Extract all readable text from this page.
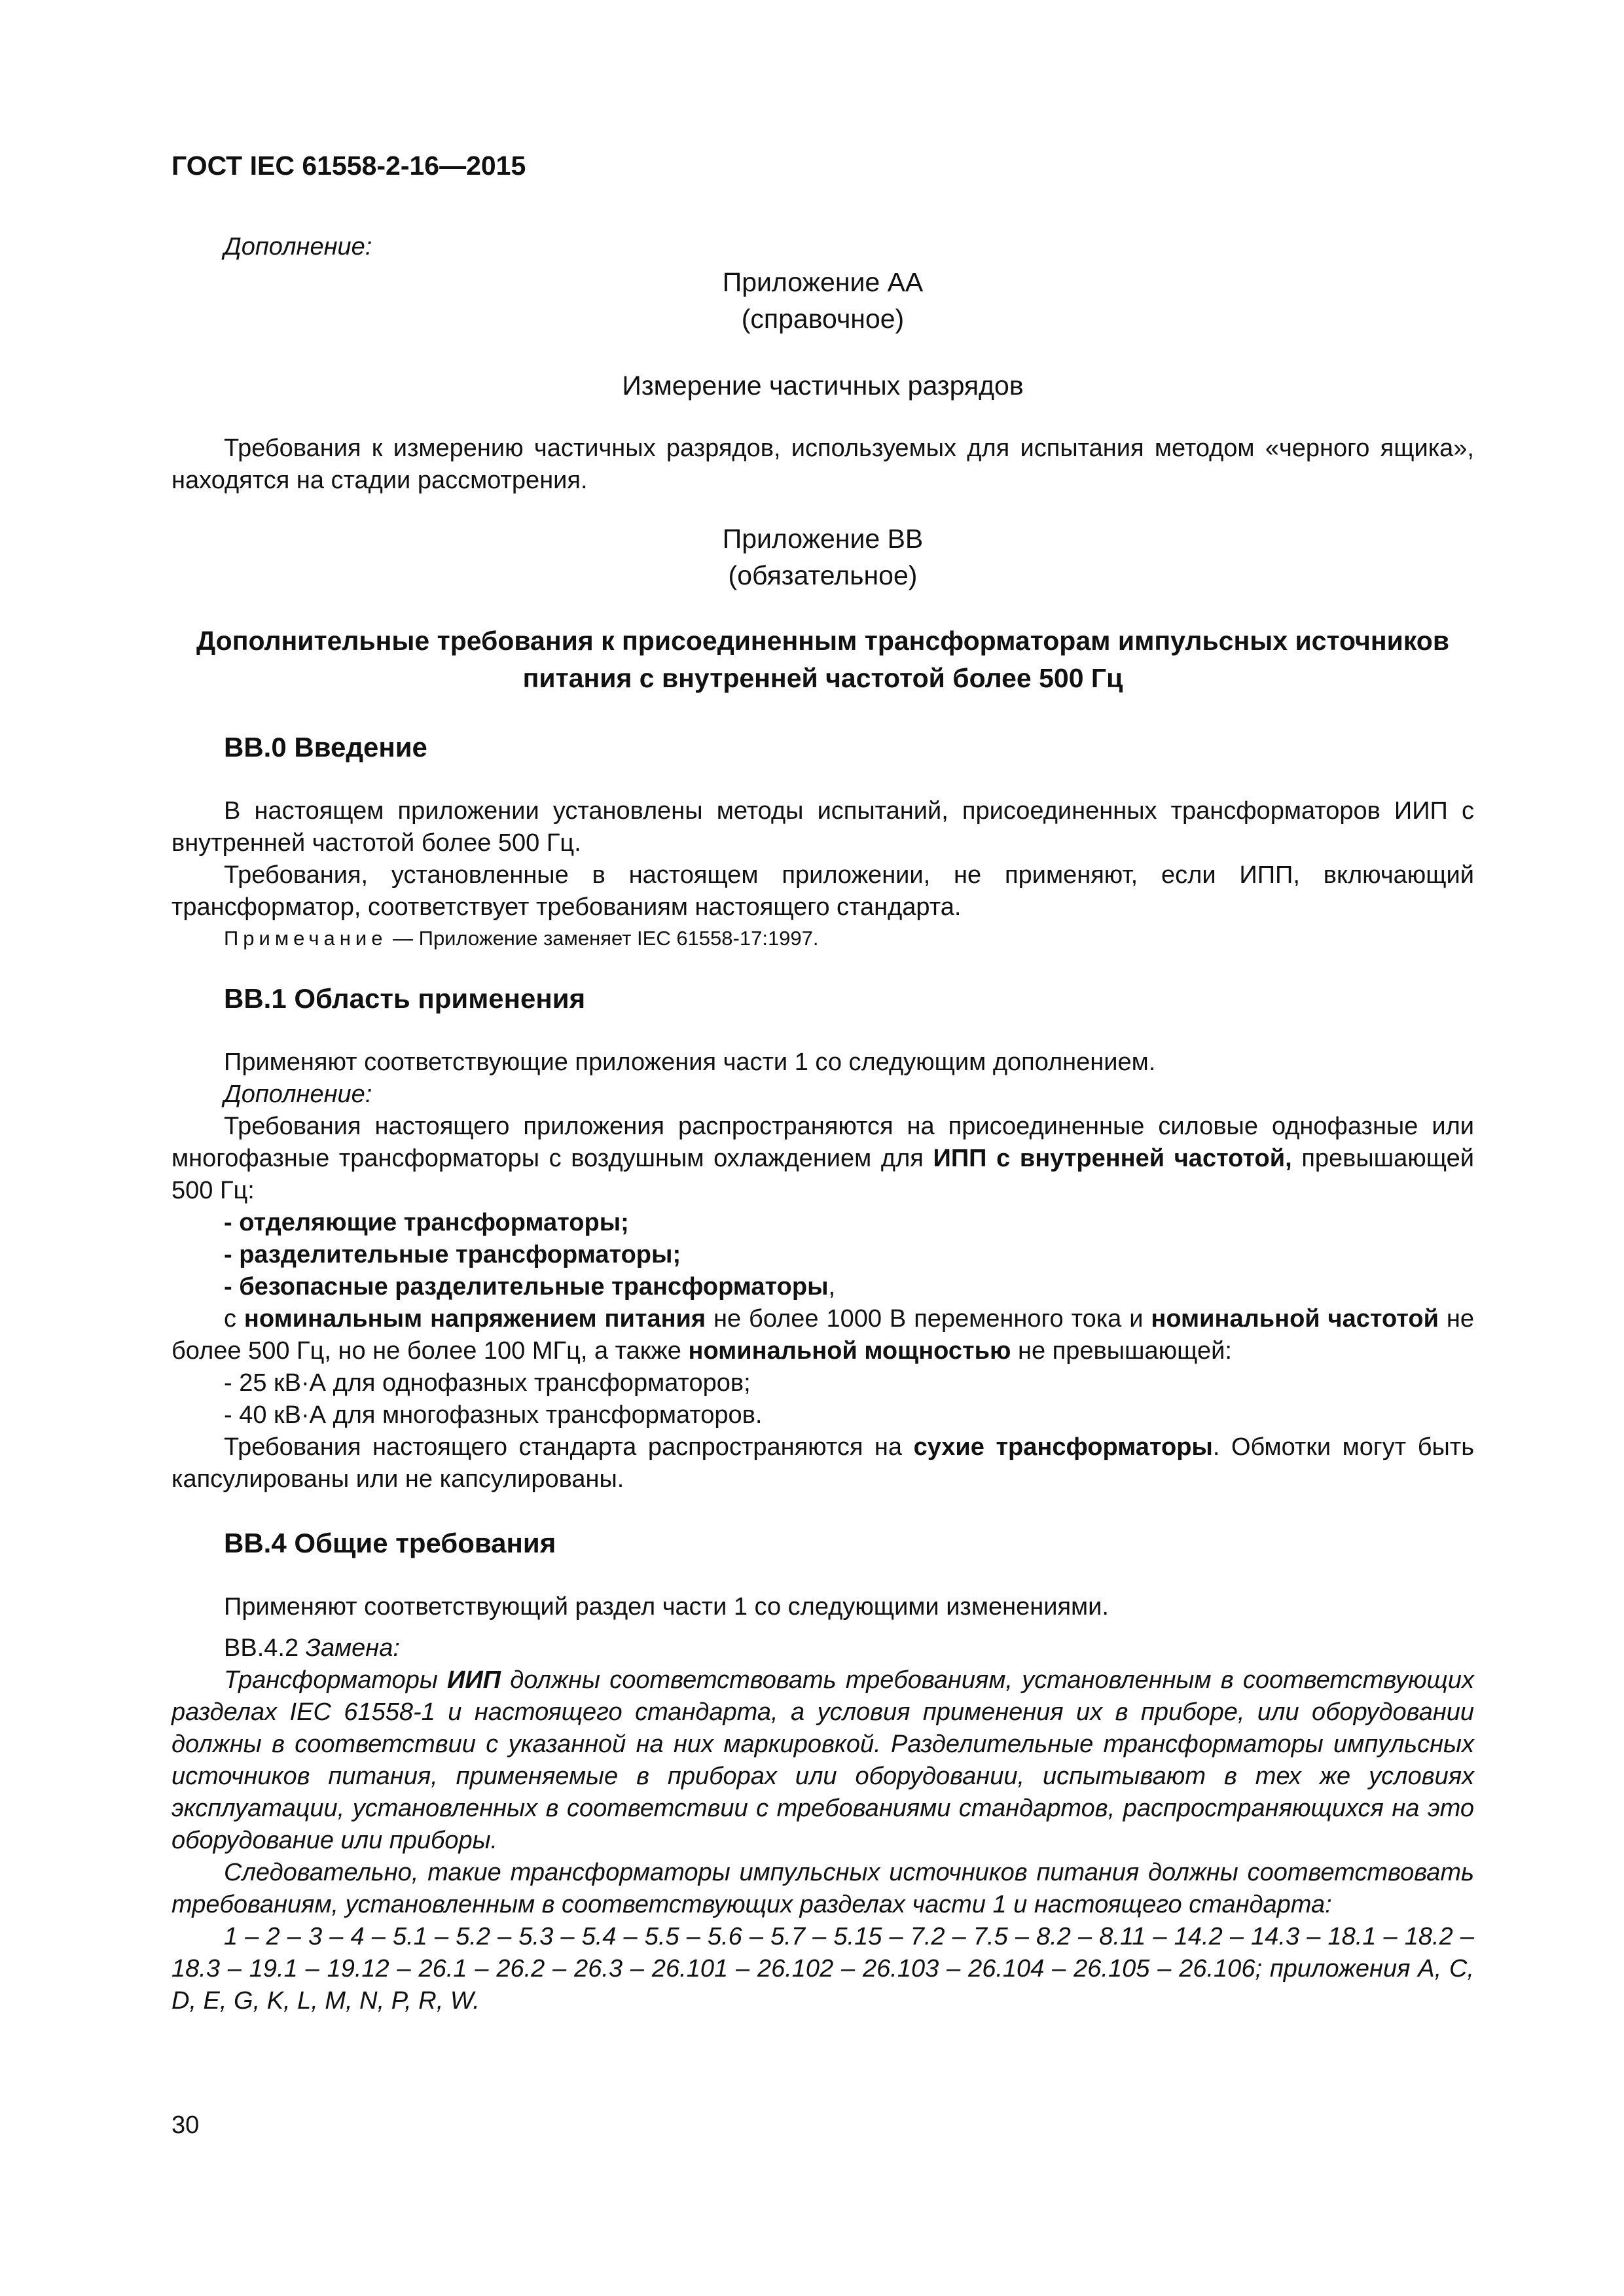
ГОСТ IEC 61558-2-16—2015
Дополнение:
Приложение АА
(справочное)
Измерение частичных разрядов

Требования к измерению частичных разрядов, используемых для испытания методом «черного ящика», находятся на стадии рассмотрения.

Приложение ВВ
(обязательное)
Дополнительные требования к присоединенным трансформаторам импульсных источников питания с внутренней частотой более 500 Гц
ВВ.0 Введение

В настоящем приложении установлены методы испытаний, присоединенных трансформаторов ИИП с внутренней частотой более 500 Гц.

Требования, установленные в настоящем приложении, не применяют, если ИПП, включающий трансформатор, соответствует требованиям настоящего стандарта.

Примечание — Приложение заменяет IEC 61558-17:1997.
ВВ.1 Область применения

Применяют соответствующие приложения части 1 со следующим дополнением.

Дополнение:

Требования настоящего приложения распространяются на присоединенные силовые однофазные или многофазные трансформаторы с воздушным охлаждением для ИПП с внутренней частотой, превышающей 500 Гц:

- отделяющие трансформаторы;

- разделительные трансформаторы;

- безопасные разделительные трансформаторы,

с номинальным напряжением питания не более 1000 В переменного тока и номинальной частотой не более 500 Гц, но не более 100 МГц, а также номинальной мощностью не превышающей:

- 25 кВ·А для однофазных трансформаторов;

- 40 кВ·А для многофазных трансформаторов.

Требования настоящего стандарта распространяются на сухие трансформаторы. Обмотки могут быть капсулированы или не капсулированы.

ВВ.4 Общие требования

Применяют соответствующий раздел части 1 со следующими изменениями.

ВВ.4.2 Замена:

Трансформаторы ИИП должны соответствовать требованиям, установленным в соответствующих разделах IEC 61558-1 и настоящего стандарта, а условия применения их в приборе, или оборудовании должны в соответствии с указанной на них маркировкой. Разделительные трансформаторы импульсных источников питания, применяемые в приборах или оборудовании, испытывают в тех же условиях эксплуатации, установленных в соответствии с требованиями стандартов, распространяющихся на это оборудование или приборы.

Следовательно, такие трансформаторы импульсных источников питания должны соответствовать требованиям, установленным в соответствующих разделах части 1 и настоящего стандарта:

1 – 2 – 3 – 4 – 5.1 – 5.2 – 5.3 – 5.4 – 5.5 – 5.6 – 5.7 – 5.15 – 7.2 – 7.5 – 8.2 – 8.11 – 14.2 – 14.3 – 18.1 – 18.2 – 18.3 – 19.1 – 19.12 – 26.1 – 26.2 – 26.3 – 26.101 – 26.102 – 26.103 – 26.104 – 26.105 – 26.106; приложения A, C, D, E, G, K, L, M, N, P, R, W.

30
